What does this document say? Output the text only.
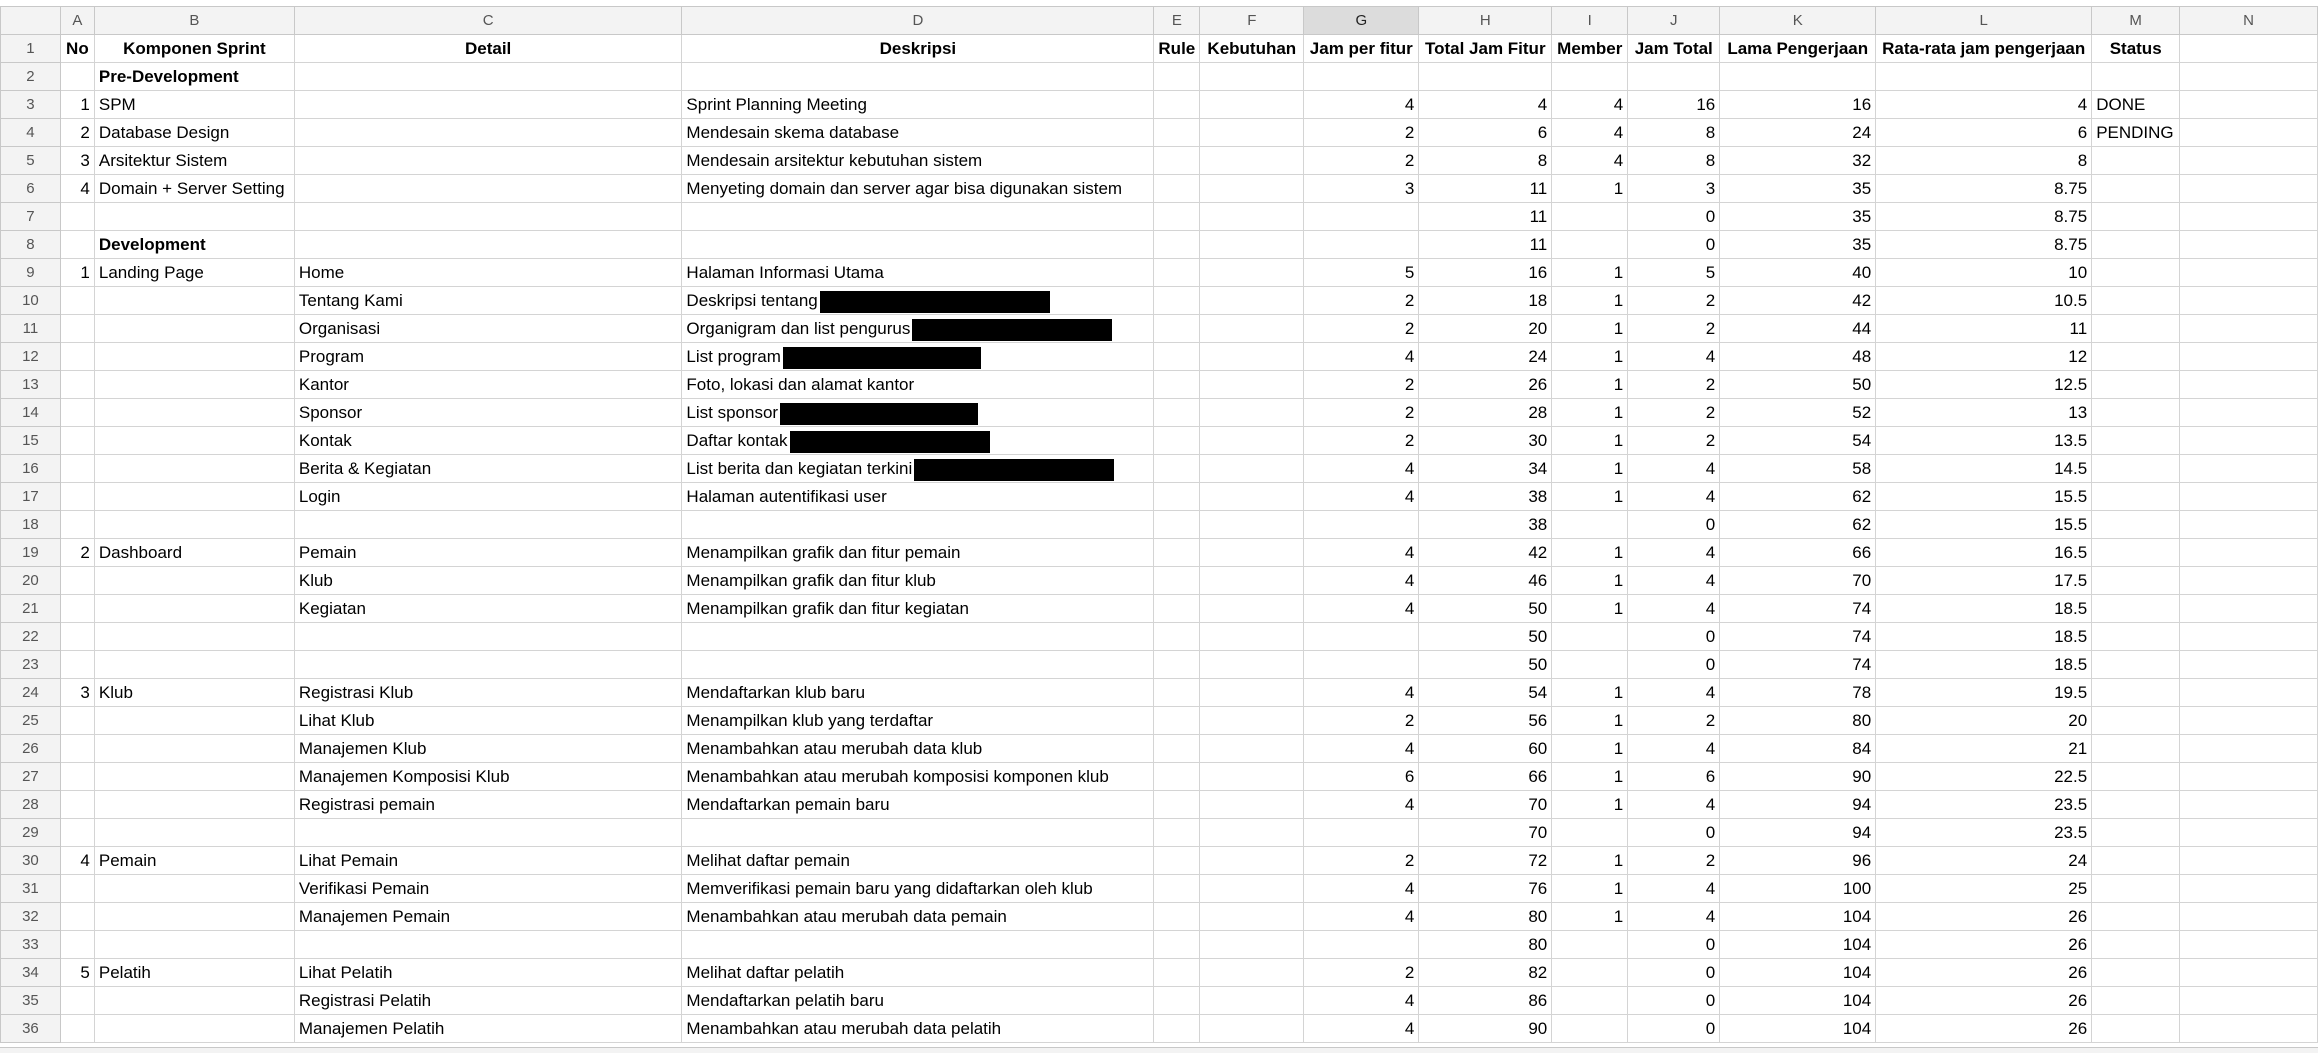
	A	B	C	D	E	F	G	H	I	J	K	L	M	N
1	No	Komponen Sprint	Detail	Deskripsi	Rule	Kebutuhan	Jam per fitur	Total Jam Fitur	Member	Jam Total	Lama Pengerjaan	Rata-rata jam pengerjaan	Status	
2		Pre-Development												
3	1	SPM		Sprint Planning Meeting			4	4	4	16	16	4	DONE	
4	2	Database Design		Mendesain skema database			2	6	4	8	24	6	PENDING	
5	3	Arsitektur Sistem		Mendesain arsitektur kebutuhan sistem			2	8	4	8	32	8		
6	4	Domain + Server Setting		Menyeting domain dan server agar bisa digunakan sistem			3	11	1	3	35	8.75		
7								11		0	35	8.75		
8		Development						11		0	35	8.75		
9	1	Landing Page	Home	Halaman Informasi Utama			5	16	1	5	40	10		
10			Tentang Kami	Deskripsi tentang			2	18	1	2	42	10.5		
11			Organisasi	Organigram dan list pengurus			2	20	1	2	44	11		
12			Program	List program			4	24	1	4	48	12		
13			Kantor	Foto, lokasi dan alamat kantor			2	26	1	2	50	12.5		
14			Sponsor	List sponsor			2	28	1	2	52	13		
15			Kontak	Daftar kontak			2	30	1	2	54	13.5		
16			Berita & Kegiatan	List berita dan kegiatan terkini			4	34	1	4	58	14.5		
17			Login	Halaman autentifikasi user			4	38	1	4	62	15.5		
18								38		0	62	15.5		
19	2	Dashboard	Pemain	Menampilkan grafik dan fitur pemain			4	42	1	4	66	16.5		
20			Klub	Menampilkan grafik dan fitur klub			4	46	1	4	70	17.5		
21			Kegiatan	Menampilkan grafik dan fitur kegiatan			4	50	1	4	74	18.5		
22								50		0	74	18.5		
23								50		0	74	18.5		
24	3	Klub	Registrasi Klub	Mendaftarkan klub baru			4	54	1	4	78	19.5		
25			Lihat Klub	Menampilkan klub yang terdaftar			2	56	1	2	80	20		
26			Manajemen Klub	Menambahkan atau merubah data klub			4	60	1	4	84	21		
27			Manajemen Komposisi Klub	Menambahkan atau merubah komposisi komponen klub			6	66	1	6	90	22.5		
28			Registrasi pemain	Mendaftarkan pemain baru			4	70	1	4	94	23.5		
29								70		0	94	23.5		
30	4	Pemain	Lihat Pemain	Melihat daftar pemain			2	72	1	2	96	24		
31			Verifikasi Pemain	Memverifikasi pemain baru yang didaftarkan oleh klub			4	76	1	4	100	25		
32			Manajemen Pemain	Menambahkan atau merubah data pemain			4	80	1	4	104	26		
33								80		0	104	26		
34	5	Pelatih	Lihat Pelatih	Melihat daftar pelatih			2	82		0	104	26		
35			Registrasi Pelatih	Mendaftarkan pelatih baru			4	86		0	104	26		
36			Manajemen Pelatih	Menambahkan atau merubah data pelatih			4	90		0	104	26		
